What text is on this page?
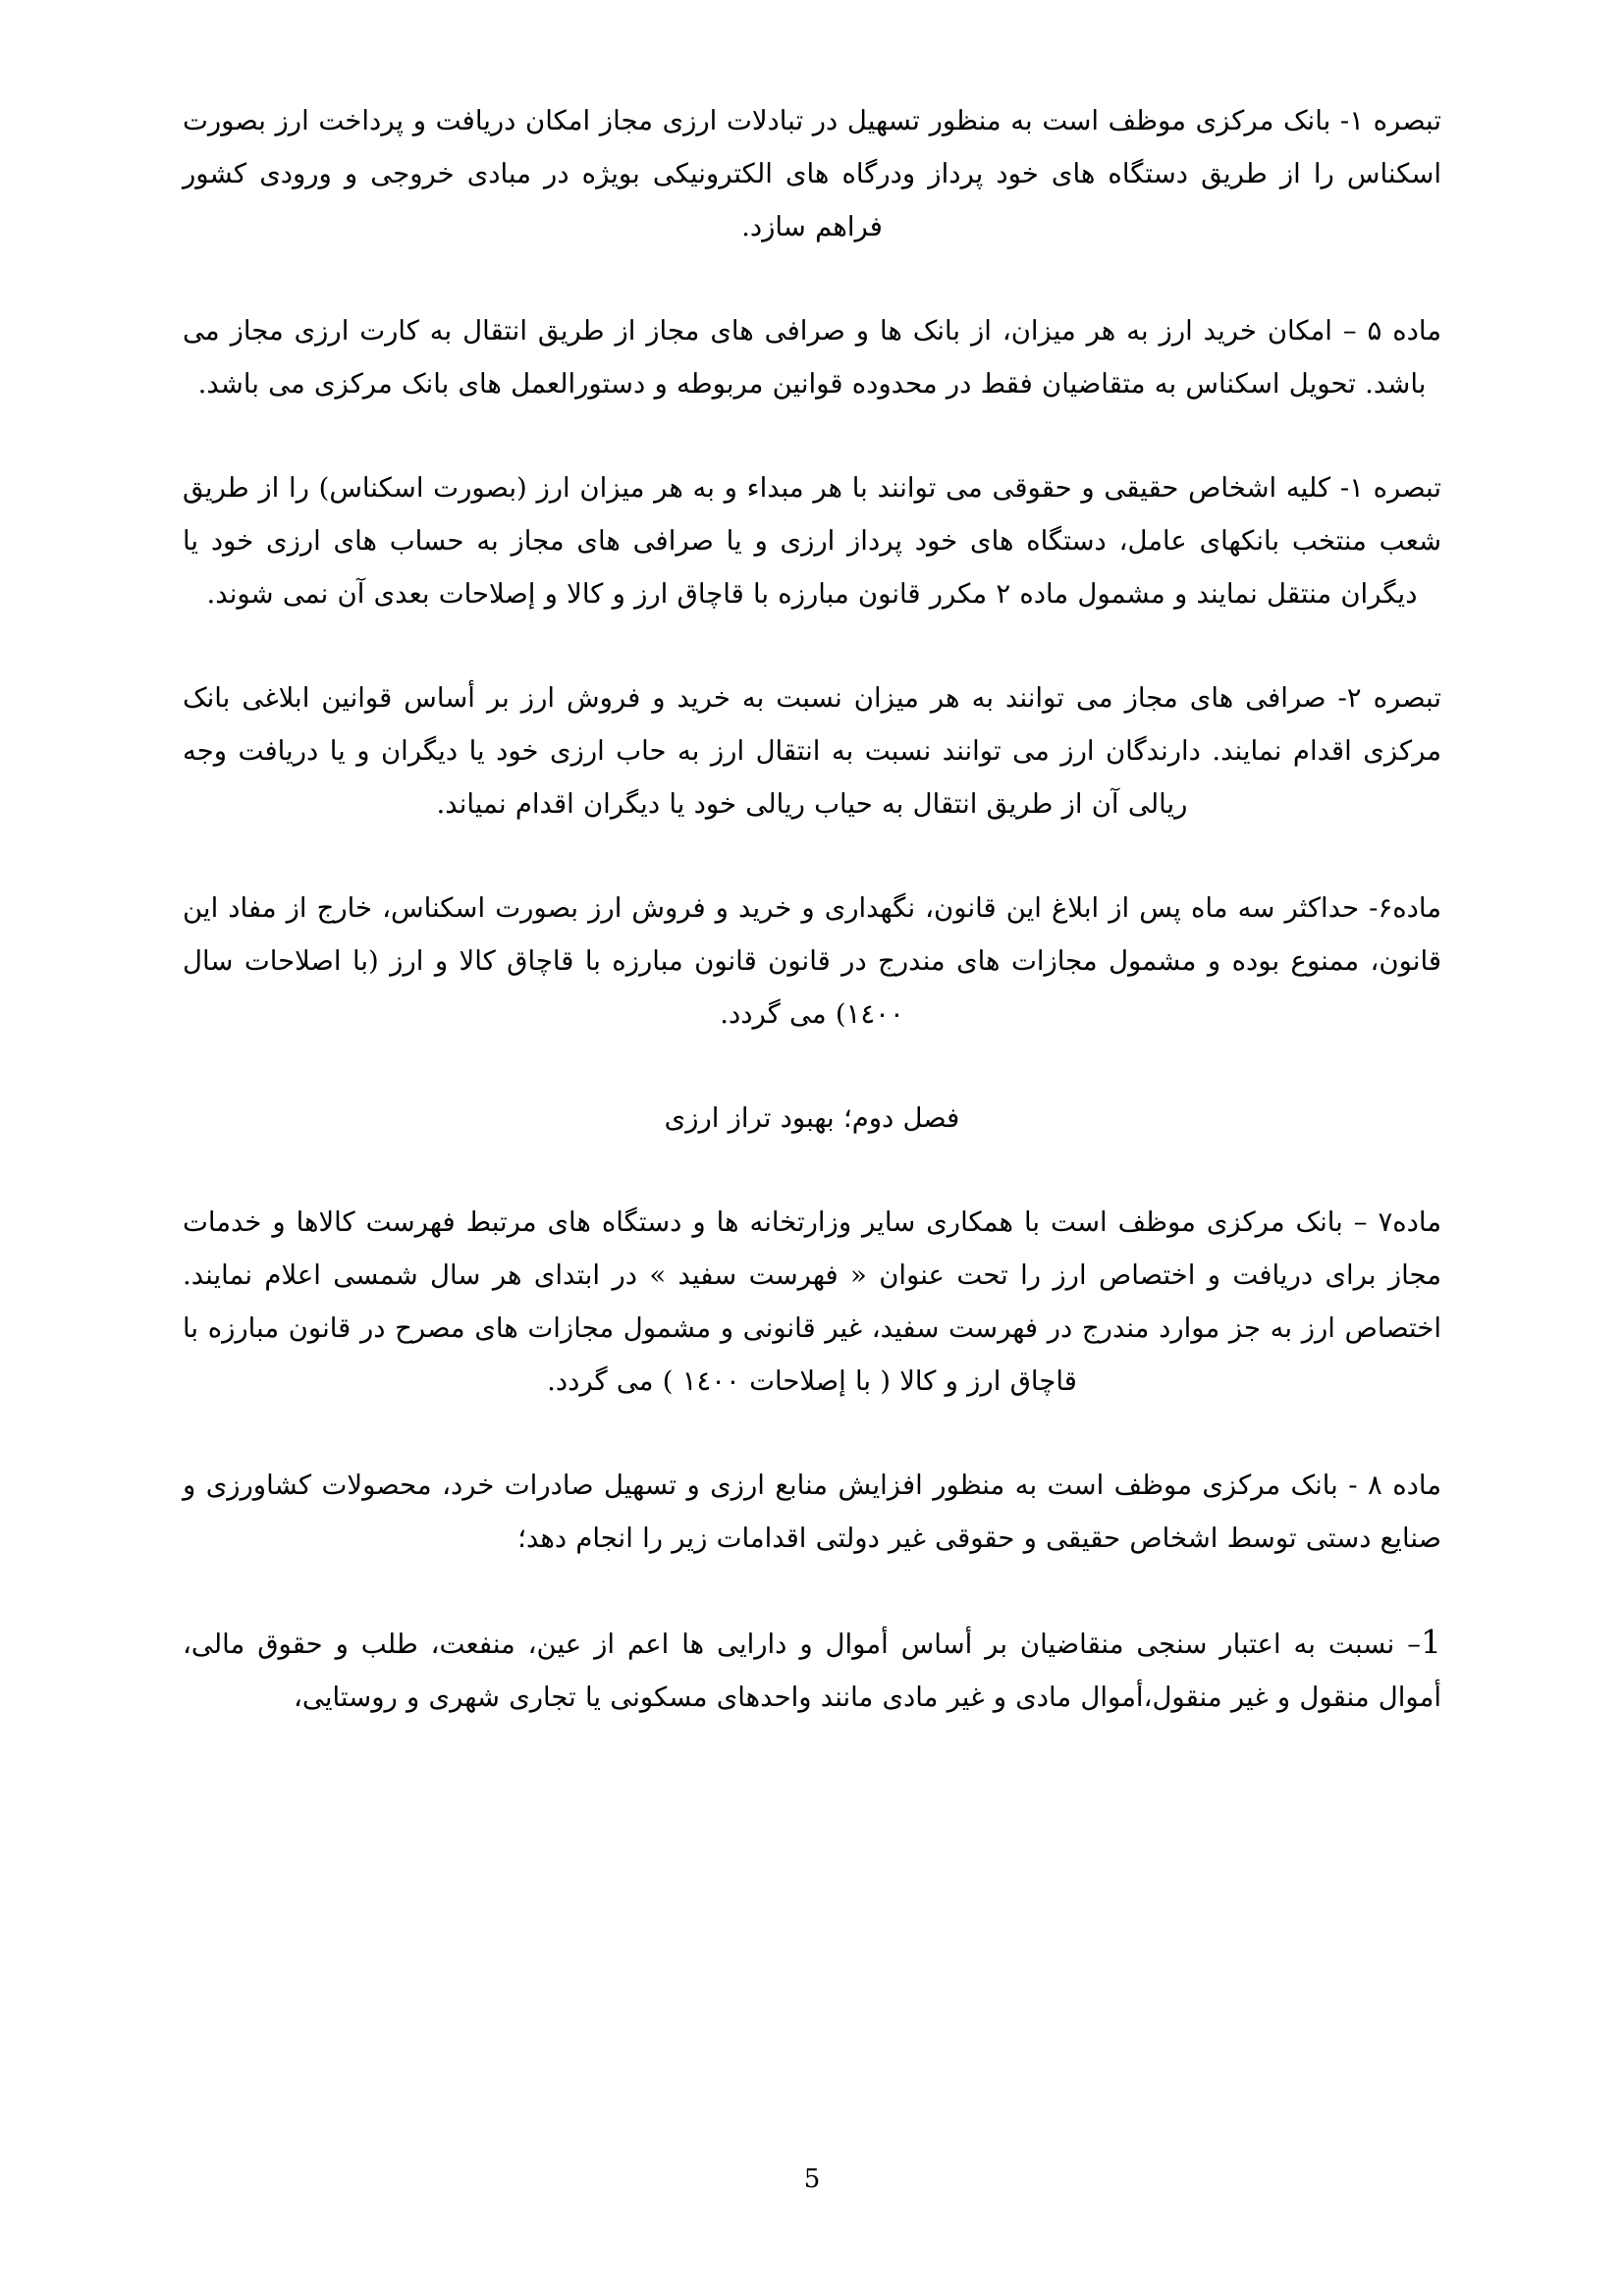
تبصره ۱- بانک مرکزی موظف است به منظور تسهیل در تبادلات ارزی مجاز امکان دریافت و پرداخت ارز بصورت اسکناس را از طریق دستگاه های خود پرداز ودرگاه های الکترونیکی بویژه در مبادی خروجی و ورودی کشور فراهم سازد.

ماده ۵ – امکان خرید ارز به هر میزان، از بانک ها و صرافی های مجاز از طریق انتقال به کارت ارزی مجاز می باشد. تحویل اسکناس به متقاضیان فقط در محدوده قوانین مربوطه و دستورالعمل های بانک مرکزی می باشد.

تبصره ۱- کلیه اشخاص حقیقی و حقوقی می توانند با هر مبداء و به هر میزان ارز (بصورت اسکناس) را از طریق شعب منتخب بانکهای عامل، دستگاه های خود پرداز ارزی و یا صرافی های مجاز به حساب های ارزی خود یا دیگران منتقل نمایند و مشمول ماده ۲ مکرر قانون مبارزه با قاچاق ارز و کالا و إصلاحات بعدی آن نمی شوند.

تبصره ۲- صرافی های مجاز می توانند به هر میزان نسبت به خرید و فروش ارز بر أساس قوانین ابلاغی بانک مرکزی اقدام نمایند. دارندگان ارز می توانند نسبت به انتقال ارز به حاب ارزی خود یا دیگران و یا دریافت وجه ریالی آن از طریق انتقال به حیاب ریالی خود یا دیگران اقدام نمیاند.

ماده۶- حداکثر سه ماه پس از ابلاغ این قانون، نگهداری و خرید و فروش ارز بصورت اسکناس، خارج از مفاد این قانون، ممنوع بوده و مشمول مجازات های مندرج در قانون قانون مبارزه با قاچاق کالا و ارز (با اصلاحات سال ۱٤۰۰) می گردد.

فصل دوم؛ بهبود تراز ارزی

ماده۷ – بانک مرکزی موظف است با همکاری سایر وزارتخانه ها و دستگاه های مرتبط فهرست کالاها و خدمات مجاز برای دریافت و اختصاص ارز را تحت عنوان « فهرست سفید » در ابتدای هر سال شمسی اعلام نمایند. اختصاص ارز به جز موارد مندرج در فهرست سفید، غیر قانونی و مشمول مجازات های مصرح در قانون مبارزه با قاچاق ارز و کالا ( با إصلاحات ۱٤۰۰ ) می گردد.

ماده ۸ - بانک مرکزی موظف است به منظور افزایش منابع ارزی و تسهیل صادرات خرد، محصولات کشاورزی و صنایع دستی توسط اشخاص حقیقی و حقوقی غیر دولتی اقدامات زیر را انجام دهد؛

1– نسبت به اعتبار سنجی منقاضیان بر أساس أموال و دارایی ها اعم از عین، منفعت، طلب و حقوق مالی، أموال منقول و غیر منقول،أموال مادی و غیر مادی مانند واحدهای مسکونی یا تجاری شهری و روستایی،

5
